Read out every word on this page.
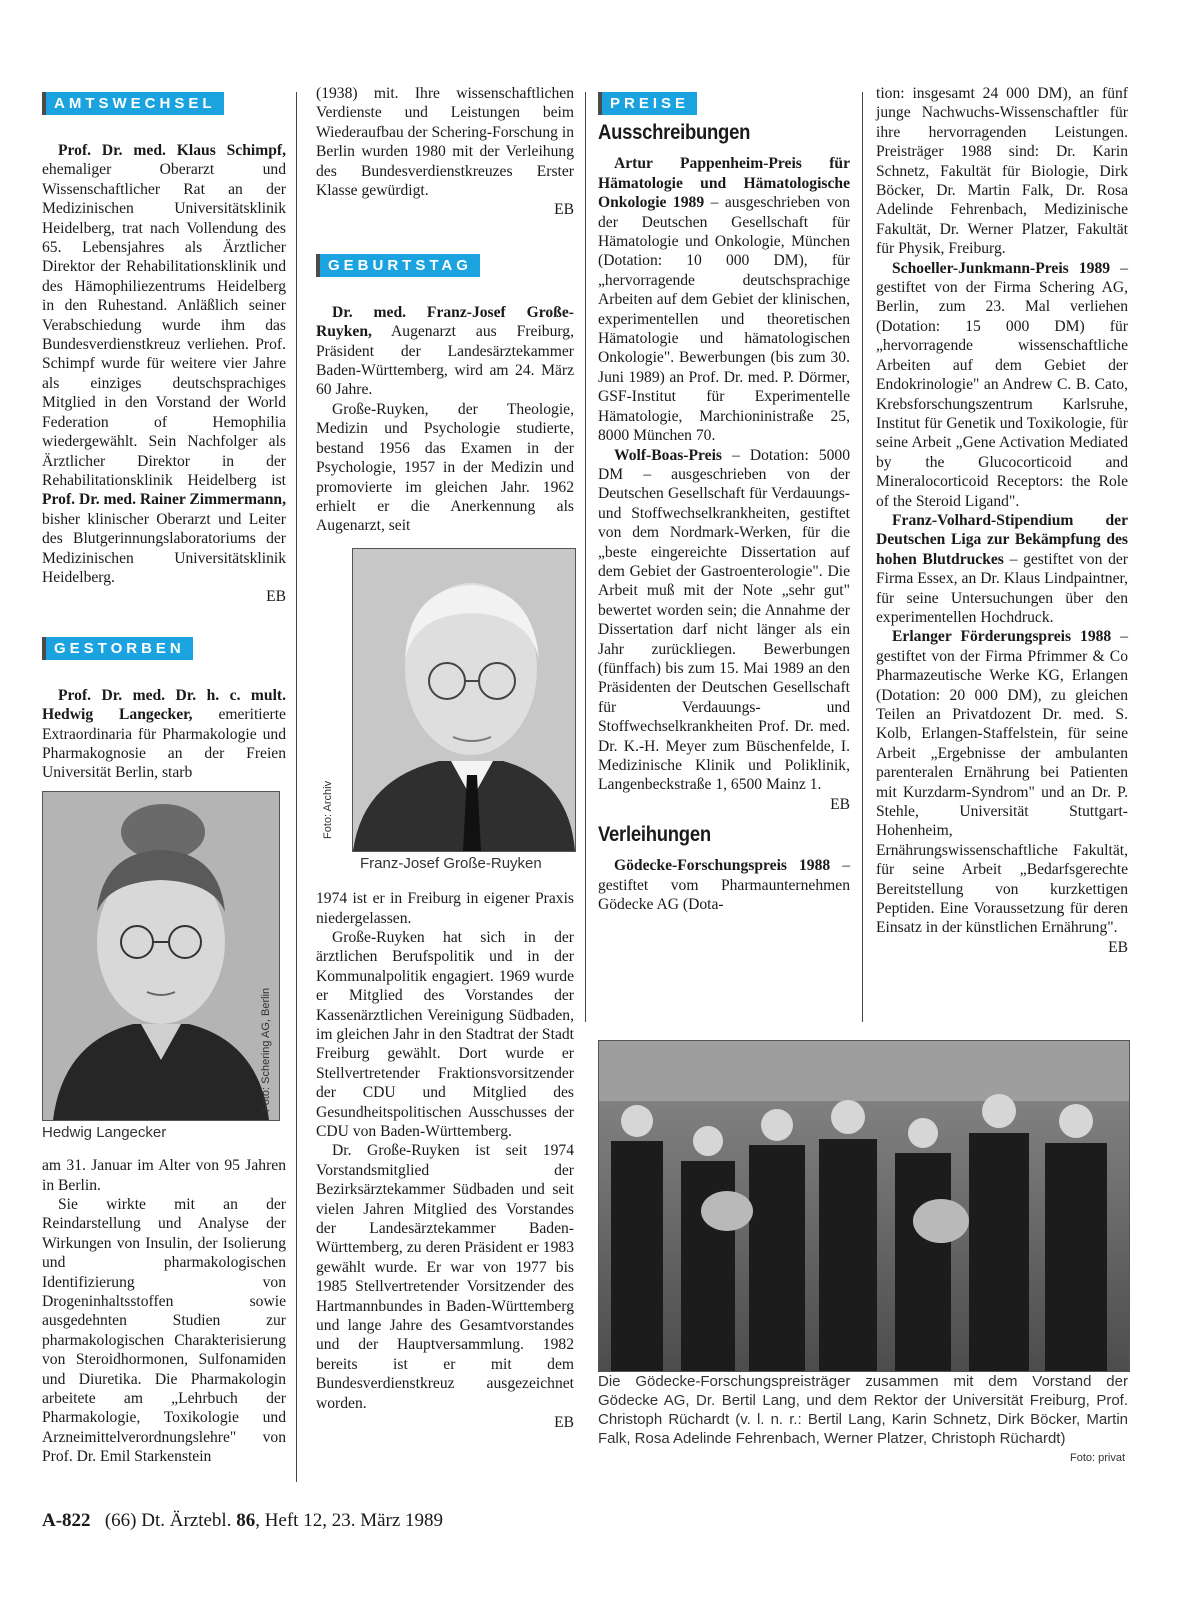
AMTSWECHSEL

Prof. Dr. med. Klaus Schimpf, ehemaliger Oberarzt und Wissenschaftlicher Rat an der Medizinischen Universitätsklinik Heidelberg, trat nach Vollendung des 65. Lebensjahres als Ärztlicher Direktor der Rehabilitationsklinik und des Hämophiliezentrums Heidelberg in den Ruhestand. Anläßlich seiner Verabschiedung wurde ihm das Bundesverdienstkreuz verliehen. Prof. Schimpf wurde für weitere vier Jahre als einziges deutschsprachiges Mitglied in den Vorstand der World Federation of Hemophilia wiedergewählt. Sein Nachfolger als Ärztlicher Direktor in der Rehabilitationsklinik Heidelberg ist Prof. Dr. med. Rainer Zimmermann, bisher klinischer Oberarzt und Leiter des Blutgerinnungslaboratoriums der Medizinischen Universitätsklinik Heidelberg.

EB
GESTORBEN

Prof. Dr. med. Dr. h. c. mult. Hedwig Langecker, emeritierte Extraordinaria für Pharmakologie und Pharmakognosie an der Freien Universität Berlin, starb

Foto: Schering AG, Berlin
Hedwig Langecker

am 31. Januar im Alter von 95 Jahren in Berlin.

Sie wirkte mit an der Reindarstellung und Analyse der Wirkungen von Insulin, der Isolierung und pharmakologischen Identifizierung von Drogeninhaltsstoffen sowie ausgedehnten Studien zur pharmakologischen Charakterisierung von Steroidhormonen, Sulfonamiden und Diuretika. Die Pharmakologin arbeitete am „Lehrbuch der Pharmakologie, Toxikologie und Arzneimittelverordnungslehre" von Prof. Dr. Emil Starkenstein

(1938) mit. Ihre wissenschaftlichen Verdienste und Leistungen beim Wiederaufbau der Schering-Forschung in Berlin wurden 1980 mit der Verleihung des Bundesverdienstkreuzes Erster Klasse gewürdigt.

EB
GEBURTSTAG

Dr. med. Franz-Josef Große-Ruyken, Augenarzt aus Freiburg, Präsident der Landesärztekammer Baden-Württemberg, wird am 24. März 60 Jahre.

Große-Ruyken, der Theologie, Medizin und Psychologie studierte, bestand 1956 das Examen in der Psychologie, 1957 in der Medizin und promovierte im gleichen Jahr. 1962 erhielt er die Anerkennung als Augenarzt, seit

Foto: Archiv
Franz-Josef Große-Ruyken

1974 ist er in Freiburg in eigener Praxis niedergelassen.

Große-Ruyken hat sich in der ärztlichen Berufspolitik und in der Kommunalpolitik engagiert. 1969 wurde er Mitglied des Vorstandes der Kassenärztlichen Vereinigung Südbaden, im gleichen Jahr in den Stadtrat der Stadt Freiburg gewählt. Dort wurde er Stellvertretender Fraktionsvorsitzender der CDU und Mitglied des Gesundheitspolitischen Ausschusses der CDU von Baden-Württemberg.

Dr. Große-Ruyken ist seit 1974 Vorstandsmitglied der Bezirksärztekammer Südbaden und seit vielen Jahren Mitglied des Vorstandes der Landesärztekammer Baden-Württemberg, zu deren Präsident er 1983 gewählt wurde. Er war von 1977 bis 1985 Stellvertretender Vorsitzender des Hartmannbundes in Baden-Württemberg und lange Jahre des Gesamtvorstandes und der Hauptversammlung. 1982 bereits ist er mit dem Bundesverdienstkreuz ausgezeichnet worden.

EB
PREISE
Ausschreibungen

Artur Pappenheim-Preis für Hämatologie und Hämatologische Onkologie 1989 – ausgeschrieben von der Deutschen Gesellschaft für Hämatologie und Onkologie, München (Dotation: 10 000 DM), für „hervorragende deutschsprachige Arbeiten auf dem Gebiet der klinischen, experimentellen und theoretischen Hämatologie und hämatologischen Onkologie". Bewerbungen (bis zum 30. Juni 1989) an Prof. Dr. med. P. Dörmer, GSF-Institut für Experimentelle Hämatologie, Marchioninistraße 25, 8000 München 70.

Wolf-Boas-Preis – Dotation: 5000 DM – ausgeschrieben von der Deutschen Gesellschaft für Verdauungs- und Stoffwechselkrankheiten, gestiftet von dem Nordmark-Werken, für die „beste eingereichte Dissertation auf dem Gebiet der Gastroenterologie". Die Arbeit muß mit der Note „sehr gut" bewertet worden sein; die Annahme der Dissertation darf nicht länger als ein Jahr zurückliegen. Bewerbungen (fünffach) bis zum 15. Mai 1989 an den Präsidenten der Deutschen Gesellschaft für Verdauungs- und Stoffwechselkrankheiten Prof. Dr. med. Dr. K.-H. Meyer zum Büschenfelde, I. Medizinische Klinik und Poliklinik, Langenbeckstraße 1, 6500 Mainz 1.
EB

Verleihungen

Gödecke-Forschungspreis 1988 – gestiftet vom Pharmaunternehmen Gödecke AG (Dota-

tion: insgesamt 24 000 DM), an fünf junge Nachwuchs-Wissenschaftler für ihre hervorragenden Leistungen. Preisträger 1988 sind: Dr. Karin Schnetz, Fakultät für Biologie, Dirk Böcker, Dr. Martin Falk, Dr. Rosa Adelinde Fehrenbach, Medizinische Fakultät, Dr. Werner Platzer, Fakultät für Physik, Freiburg.

Schoeller-Junkmann-Preis 1989 – gestiftet von der Firma Schering AG, Berlin, zum 23. Mal verliehen (Dotation: 15 000 DM) für „hervorragende wissenschaftliche Arbeiten auf dem Gebiet der Endokrinologie" an Andrew C. B. Cato, Krebsforschungszentrum Karlsruhe, Institut für Genetik und Toxikologie, für seine Arbeit „Gene Activation Mediated by the Glucocorticoid and Mineralocorticoid Receptors: the Role of the Steroid Ligand".

Franz-Volhard-Stipendium der Deutschen Liga zur Bekämpfung des hohen Blutdruckes – gestiftet von der Firma Essex, an Dr. Klaus Lindpaintner, für seine Untersuchungen über den experimentellen Hochdruck.

Erlanger Förderungspreis 1988 – gestiftet von der Firma Pfrimmer & Co Pharmazeutische Werke KG, Erlangen (Dotation: 20 000 DM), zu gleichen Teilen an Privatdozent Dr. med. S. Kolb, Erlangen-Staffelstein, für seine Arbeit „Ergebnisse der ambulanten parenteralen Ernährung bei Patienten mit Kurzdarm-Syndrom" und an Dr. P. Stehle, Universität Stuttgart-Hohenheim, Ernährungswissenschaftliche Fakultät, für seine Arbeit „Bedarfsgerechte Bereitstellung von kurzkettigen Peptiden. Eine Voraussetzung für deren Einsatz in der künstlichen Ernährung".
EB

Die Gödecke-Forschungspreisträger zusammen mit dem Vorstand der Gödecke AG, Dr. Bertil Lang, und dem Rektor der Universität Freiburg, Prof. Christoph Rüchardt (v. l. n. r.: Bertil Lang, Karin Schnetz, Dirk Böcker, Martin Falk, Rosa Adelinde Fehrenbach, Werner Platzer, Christoph Rüchardt)
Foto: privat
A-822 (66) Dt. Ärztebl. 86, Heft 12, 23. März 1989
